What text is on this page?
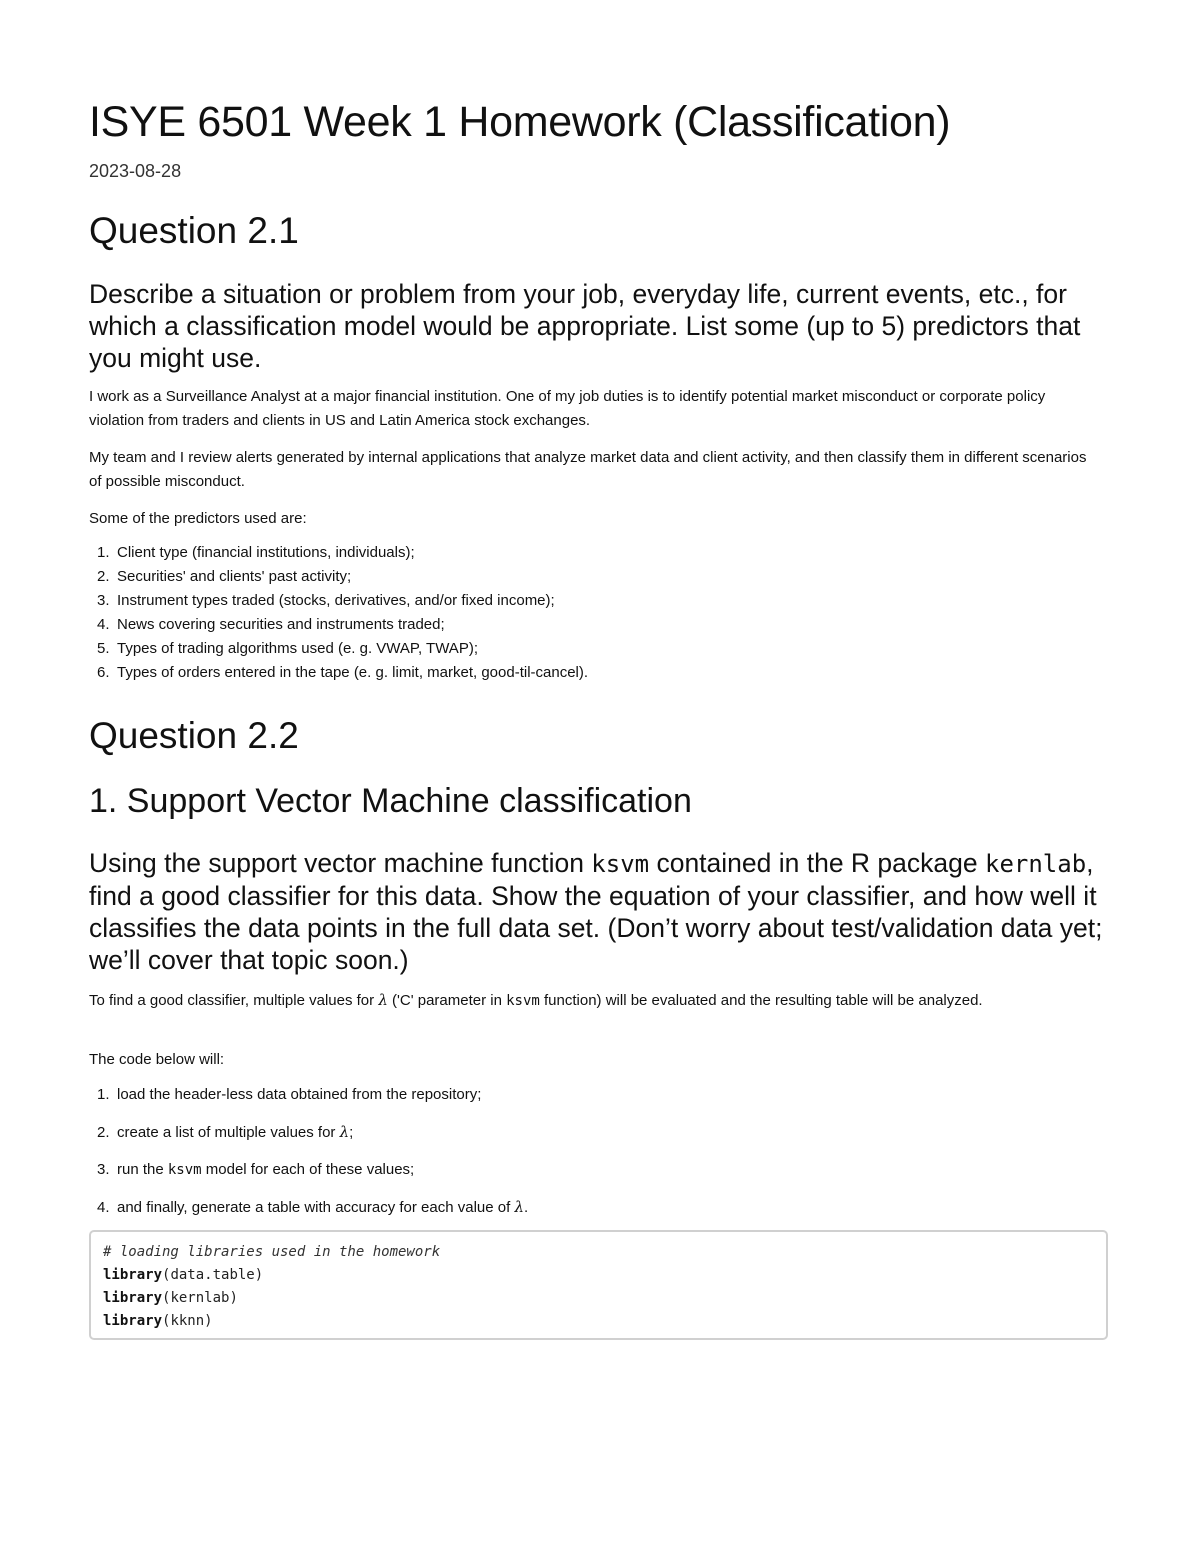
ISYE 6501 Week 1 Homework (Classification)
2023-08-28
Question 2.1
Describe a situation or problem from your job, everyday life, current events, etc., for which a classification model would be appropriate. List some (up to 5) predictors that you might use.

I work as a Surveillance Analyst at a major financial institution. One of my job duties is to identify potential market misconduct or corporate policy violation from traders and clients in US and Latin America stock exchanges.

My team and I review alerts generated by internal applications that analyze market data and client activity, and then classify them in different scenarios of possible misconduct.

Some of the predictors used are:

1. Client type (financial institutions, individuals);
2. Securities' and clients' past activity;
3. Instrument types traded (stocks, derivatives, and/or fixed income);
4. News covering securities and instruments traded;
5. Types of trading algorithms used (e. g. VWAP, TWAP);
6. Types of orders entered in the tape (e. g. limit, market, good-til-cancel).
Question 2.2
1. Support Vector Machine classification
Using the support vector machine function ksvm contained in the R package kernlab, find a good classifier for this data. Show the equation of your classifier, and how well it classifies the data points in the full data set. (Don’t worry about test/validation data yet; we’ll cover that topic soon.)

To find a good classifier, multiple values for λ ('C' parameter in ksvm function) will be evaluated and the resulting table will be analyzed.

The code below will:

1. load the header-less data obtained from the repository;
2. create a list of multiple values for λ;
3. run the ksvm model for each of these values;
4. and finally, generate a table with accuracy for each value of λ.
# loading libraries used in the homework
library(data.table)
library(kernlab)
library(kknn)
